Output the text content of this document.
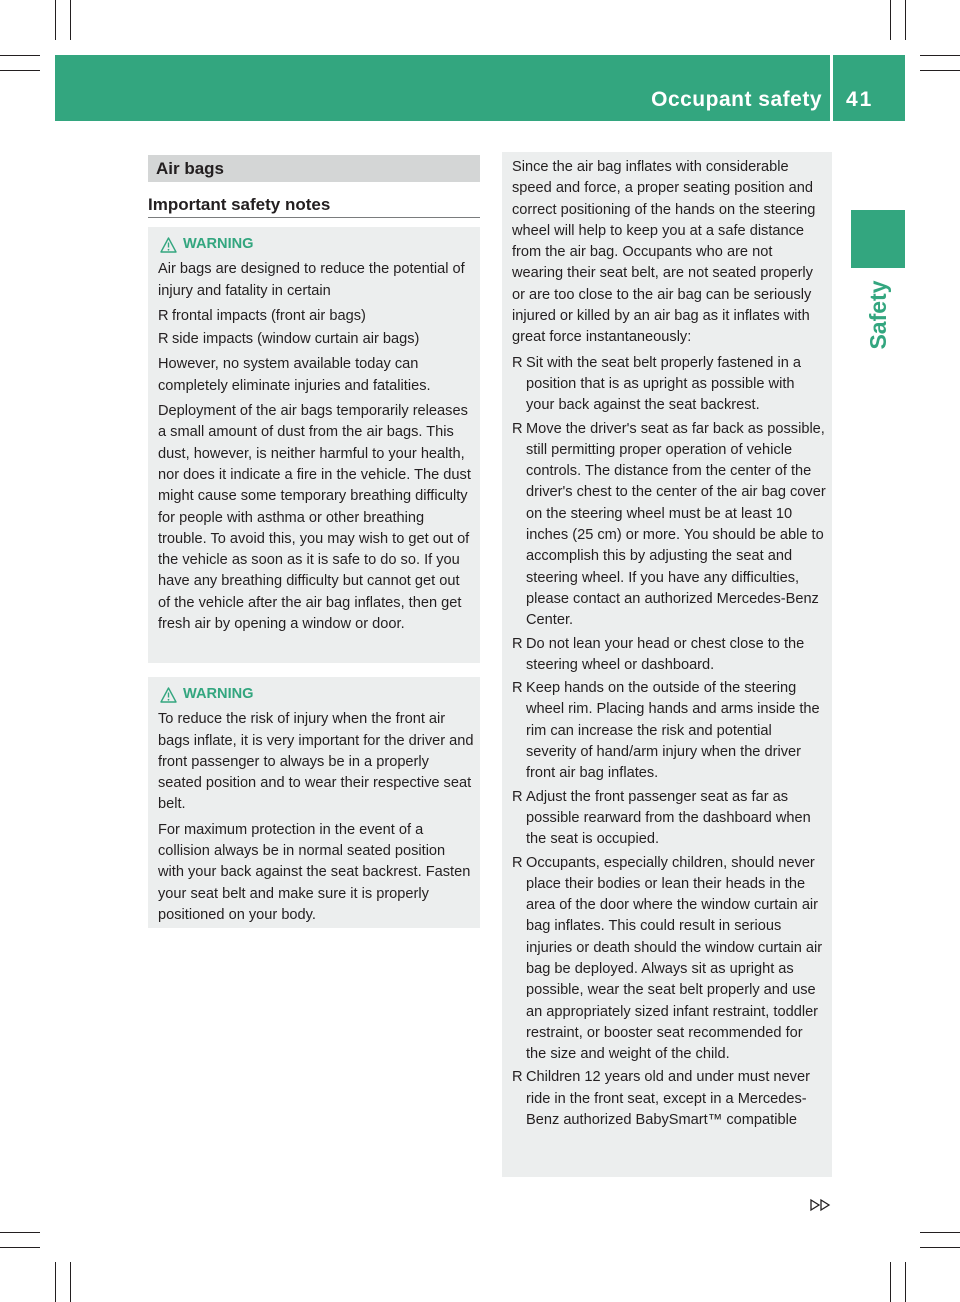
Occupant safety 41
Safety
Air bags
Important safety notes
WARNING

Air bags are designed to reduce the potential of injury and fatality in certain

R frontal impacts (front air bags)
R side impacts (window curtain air bags)

However, no system available today can completely eliminate injuries and fatalities.

Deployment of the air bags temporarily releases a small amount of dust from the air bags. This dust, however, is neither harmful to your health, nor does it indicate a fire in the vehicle. The dust might cause some temporary breathing difficulty for people with asthma or other breathing trouble. To avoid this, you may wish to get out of the vehicle as soon as it is safe to do so. If you have any breathing difficulty but cannot get out of the vehicle after the air bag inflates, then get fresh air by opening a window or door.

WARNING

To reduce the risk of injury when the front air bags inflate, it is very important for the driver and front passenger to always be in a properly seated position and to wear their respective seat belt.

For maximum protection in the event of a collision always be in normal seated position with your back against the seat backrest. Fasten your seat belt and make sure it is properly positioned on your body.

Since the air bag inflates with considerable speed and force, a proper seating position and correct positioning of the hands on the steering wheel will help to keep you at a safe distance from the air bag. Occupants who are not wearing their seat belt, are not seated properly or are too close to the air bag can be seriously injured or killed by an air bag as it inflates with great force instantaneously:

R Sit with the seat belt properly fastened in a position that is as upright as possible with your back against the seat backrest.
R Move the driver's seat as far back as possible, still permitting proper operation of vehicle controls. The distance from the center of the driver's chest to the center of the air bag cover on the steering wheel must be at least 10 inches (25 cm) or more. You should be able to accomplish this by adjusting the seat and steering wheel. If you have any difficulties, please contact an authorized Mercedes-Benz Center.
R Do not lean your head or chest close to the steering wheel or dashboard.
R Keep hands on the outside of the steering wheel rim. Placing hands and arms inside the rim can increase the risk and potential severity of hand/arm injury when the driver front air bag inflates.
R Adjust the front passenger seat as far as possible rearward from the dashboard when the seat is occupied.
R Occupants, especially children, should never place their bodies or lean their heads in the area of the door where the window curtain air bag inflates. This could result in serious injuries or death should the window curtain air bag be deployed. Always sit as upright as possible, wear the seat belt properly and use an appropriately sized infant restraint, toddler restraint, or booster seat recommended for the size and weight of the child.
R Children 12 years old and under must never ride in the front seat, except in a Mercedes-Benz authorized BabySmart™ compatible
